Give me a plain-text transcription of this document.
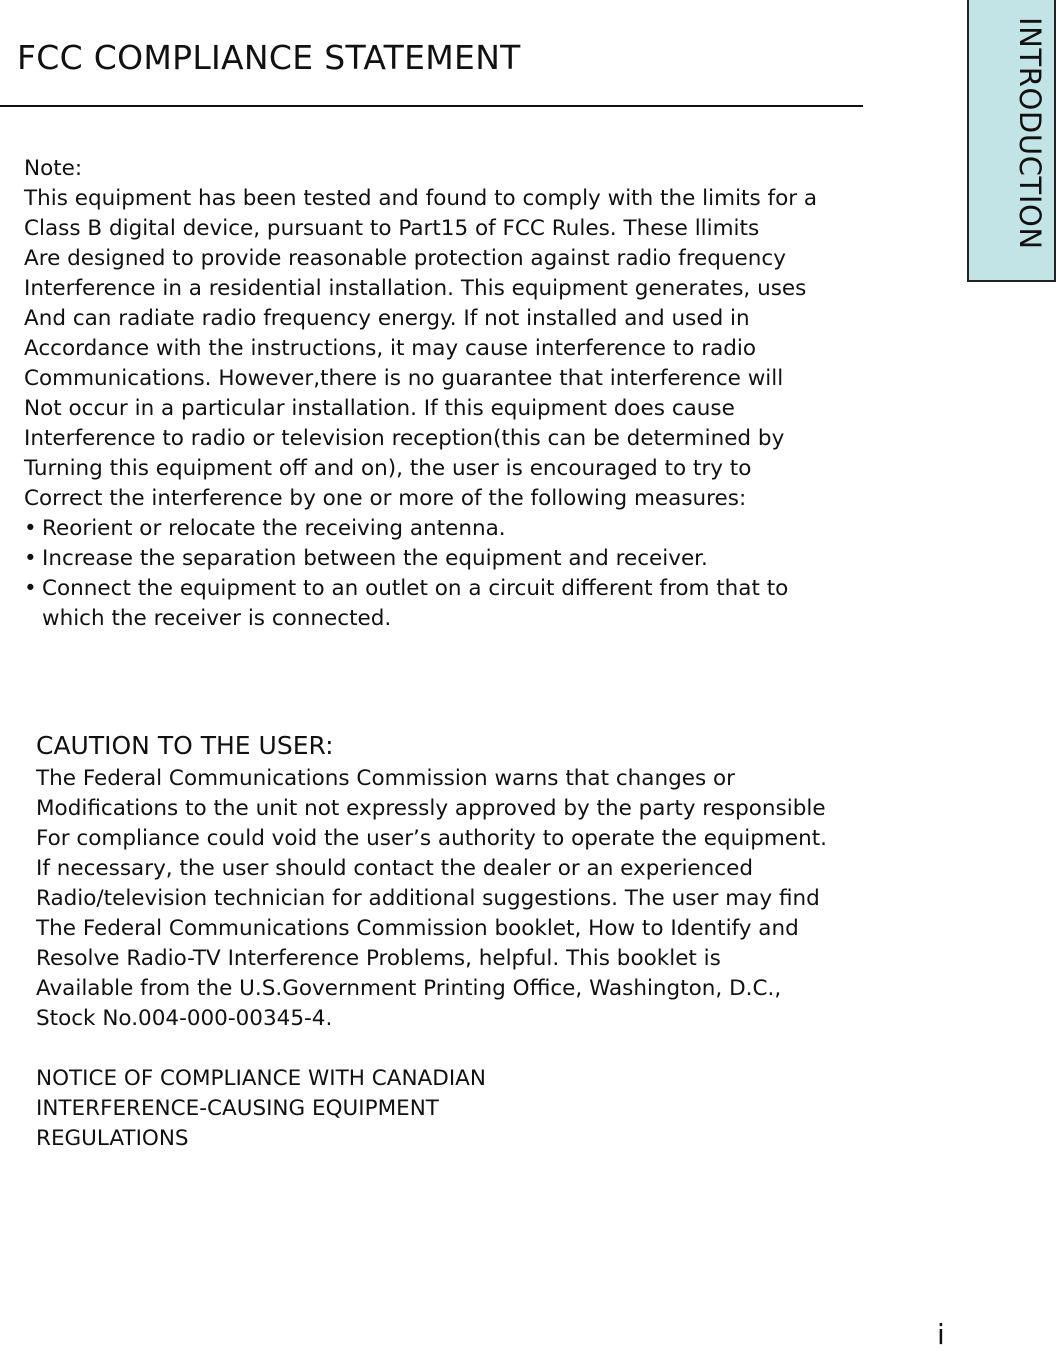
FCC COMPLIANCE STATEMENT	INTRODUCTION
Note:
This equipment has been tested and found to comply with the limits for a
Class B digital device, pursuant to Part15 of FCC Rules. These llimits
Are designed to provide reasonable protection against radio frequency
Interference in a residential installation. This equipment generates, uses
And can radiate radio frequency energy. If not installed and used in
Accordance with the instructions, it may cause interference to radio
Communications. However,there is no guarantee that interference will
Not occur in a particular installation. If this equipment does cause
Interference to radio or television reception(this can be determined by
Turning this equipment off and on), the user is encouraged to try to
Correct the interference by one or more of the following measures:
• Reorient or relocate the receiving antenna.
• Increase the separation between the equipment and receiver.
• Connect the equipment to an outlet on a circuit different from that to
which the receiver is connected.
CAUTION TO THE USER:
The Federal Communications Commission warns that changes or
Modifications to the unit not expressly approved by the party responsible
For compliance could void the user’s authority to operate the equipment.
If necessary, the user should contact the dealer or an experienced
Radio/television technician for additional suggestions. The user may find
The Federal Communications Commission booklet, How to Identify and
Resolve Radio-TV Interference Problems, helpful. This booklet is
Available from the U.S.Government Printing Office, Washington, D.C.,
Stock No.004-000-00345-4.
NOTICE OF COMPLIANCE WITH CANADIAN
INTERFERENCE-CAUSING EQUIPMENT
REGULATIONS
i
